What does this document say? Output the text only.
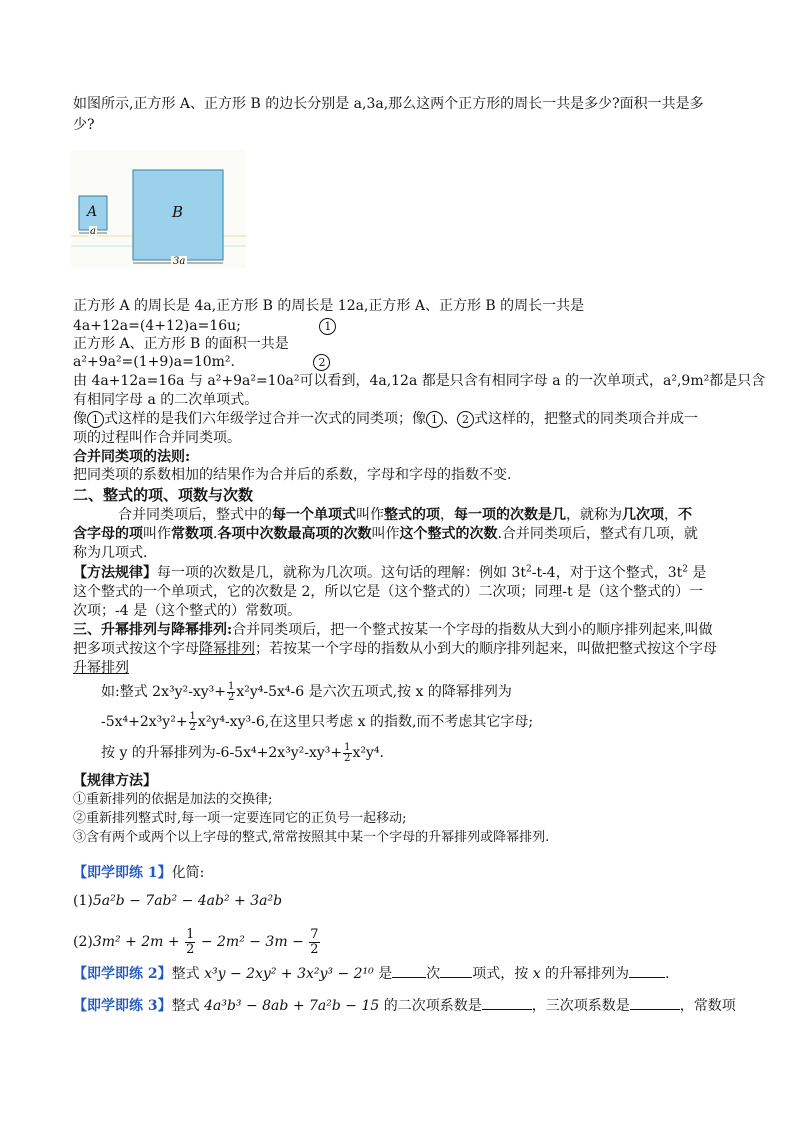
如图所示,正方形 A、正方形 B 的边长分别是 a,3a,那么这两个正方形的周长一共是多少?面积一共是多
少?
A	B
a
3a
正方形 A 的周长是 4a,正方形 B 的周长是 12a,正方形 A、正方形 B 的周长一共是
4a+12a=(4+12)a=16u;	1
正方形 A、正方形 B 的面积一共是
a²+9a²=(1+9)a=10m².	2
由 4a+12a=16a 与 a²+9a²=10a²可以看到，4a,12a 都是只含有相同字母 a 的一次单项式，a²,9m²都是只含
有相同字母 a 的二次单项式。
像 1 式这样的是我们六年级学过合并一次式的同类项；像 1 、 2 式这样的，把整式的同类项合并成一
项的过程叫作合并同类项。
合并同类项的法则:
把同类项的系数相加的结果作为合并后的系数，字母和字母的指数不变.
二、整式的项、项数与次数
合并同类项后，整式中的每一个单项式叫作整式的项，每一项的次数是几，就称为几次项，不
含字母的项叫作常数项.各项中次数最高项的次数叫作这个整式的次数.合并同类项后，整式有几项，就
称为几项式.
【方法规律】每一项的次数是几，就称为几次项。这句话的理解：例如 $3t^2-t-4$，对于这个整式，$3t^2$ 是
这个整式的一个单项式，它的次数是 2，所以它是（这个整式的）二次项；同理-t 是（这个整式的）一
次项；-4 是（这个整式的）常数项。
三、升幂排列与降幂排列:合并同类项后，把一个整式按某一个字母的指数从大到小的顺序排列起来,叫做
把多项式按这个字母降幂排列；若按某一个字母的指数从小到大的顺序排列起来，叫做把整式按这个字母
升幂排列
如:整式 $2x^3y^2-xy^3+ \frac{1}{2} x^2y^4-5x^4-6$ 是六次五项式,按 x 的降幂排列为
$-5x^4+2x^3y^2+ \frac{1}{2} x^2y^4-xy^3-6$,在这里只考虑 x 的指数,而不考虑其它字母;
按 y 的升幂排列为$-6-5x^4+2x^3y^2-xy^3+ \frac{1}{2} x^2y^4$.
【规律方法】
①重新排列的依据是加法的交换律;
②重新排列整式时,每一项一定要连同它的正负号一起移动;
③含有两个或两个以上字母的整式,常常按照其中某一个字母的升幂排列或降幂排列.
【即学即练 1】化简:
(1)5a²b − 7ab² − 4ab² + 3a²b
$(2)3m^2 + 2m + \frac{1}{2} - 2m^2 - 3m - \frac{7}{2}$
【即学即练 2】整式 x³y − 2xy² + 3x²y³ − 2¹⁰ 是 次 项式，按 x 的升幂排列为	.
【即学即练 3】整式 4a³b³ − 8ab + 7a²b − 15 的二次项系数是	，三次项系数是	，常数项
